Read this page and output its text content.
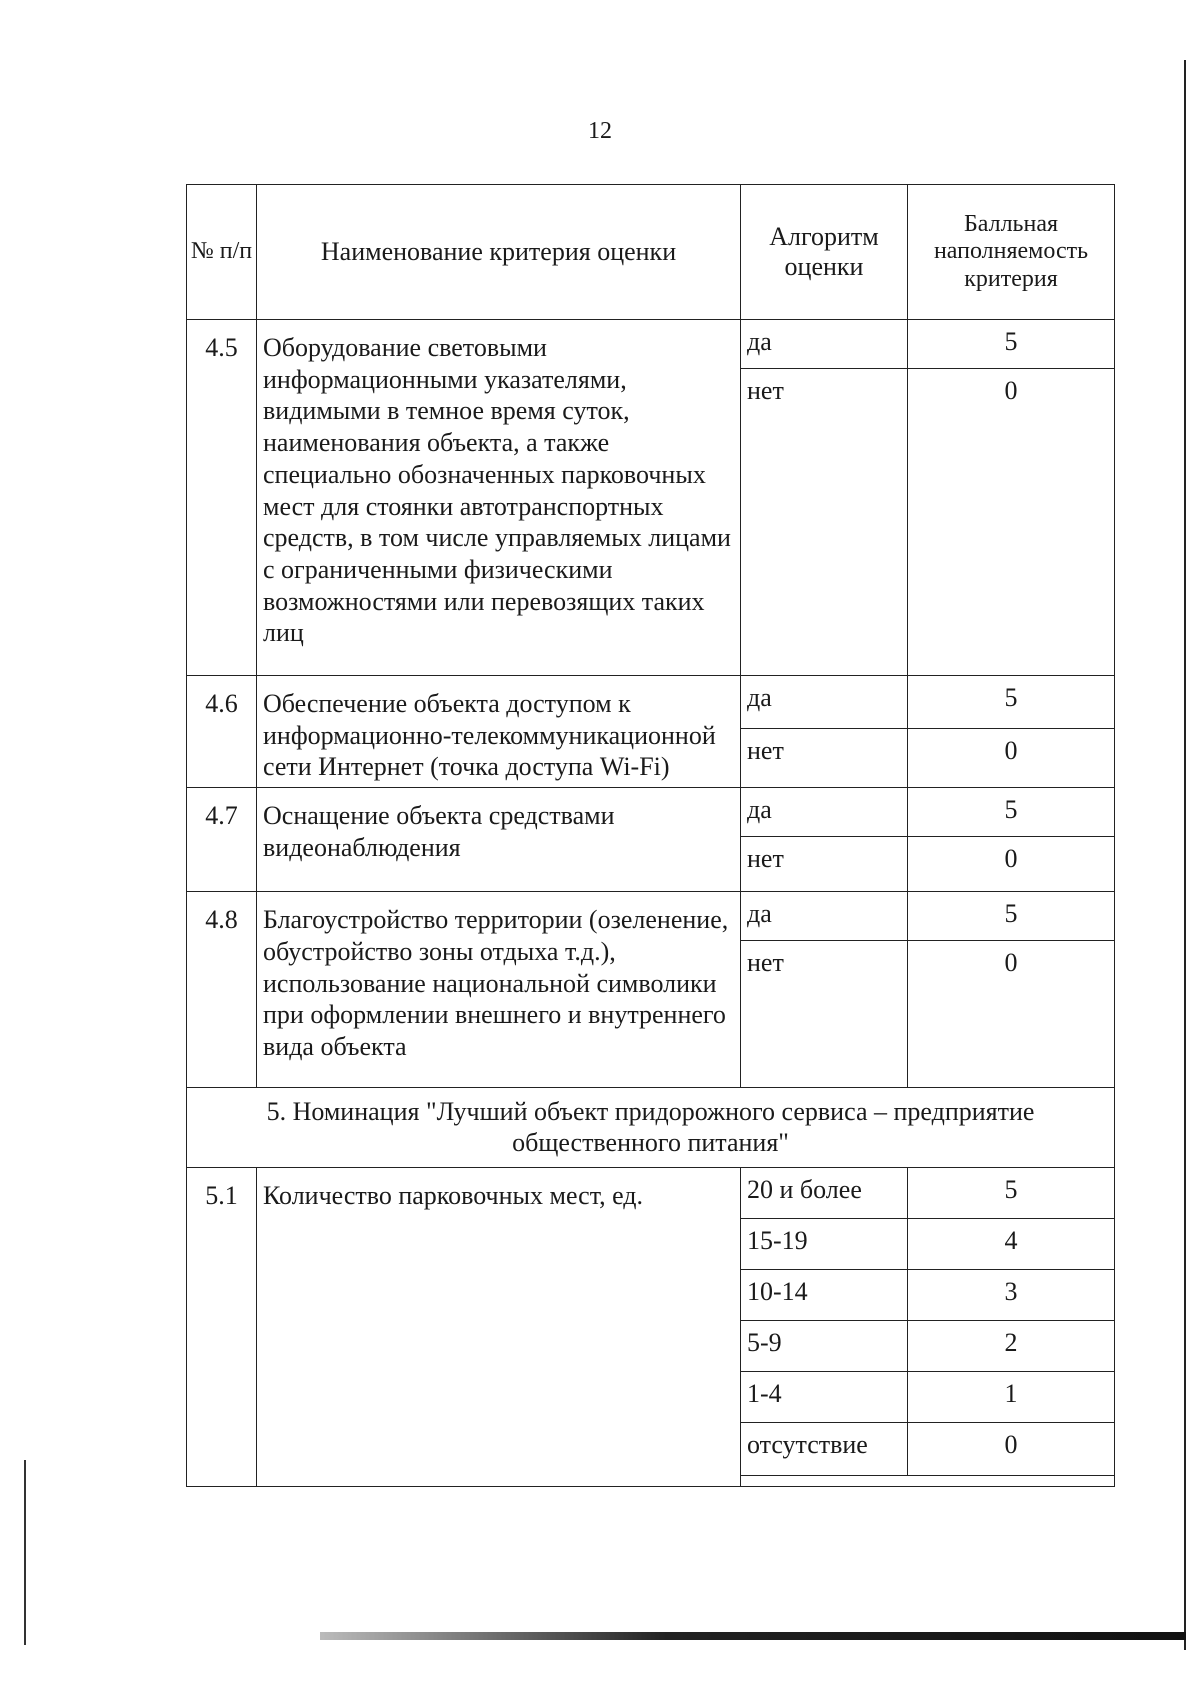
12
№ п/п	Наименование критерия оценки	Алгоритм оценки	Балльная наполняемость критерия
4.5	Оборудование световыми информационными указателями, видимыми в темное время суток, наименования объекта, а также специально обозначенных парковочных мест для стоянки автотранспортных средств, в том числе управляемых лицами с ограниченными физическими возможностями или перевозящих таких лиц	да	5
		нет	0
4.6	Обеспечение объекта доступом к информационно-телекоммуникационной сети Интернет (точка доступа Wi-Fi)	да	5
		нет	0
4.7	Оснащение объекта средствами видеонаблюдения	да	5
		нет	0
4.8	Благоустройство территории (озеленение, обустройство зоны отдыха т.д.), использование национальной символики при оформлении внешнего и внутреннего вида объекта	да	5
		нет	0
5. Номинация "Лучший объект придорожного сервиса – предприятие общественного питания"			
5.1	Количество парковочных мест, ед.	20 и более	5
		15-19	4
		10-14	3
		5-9	2
		1-4	1
		отсутствие	0
